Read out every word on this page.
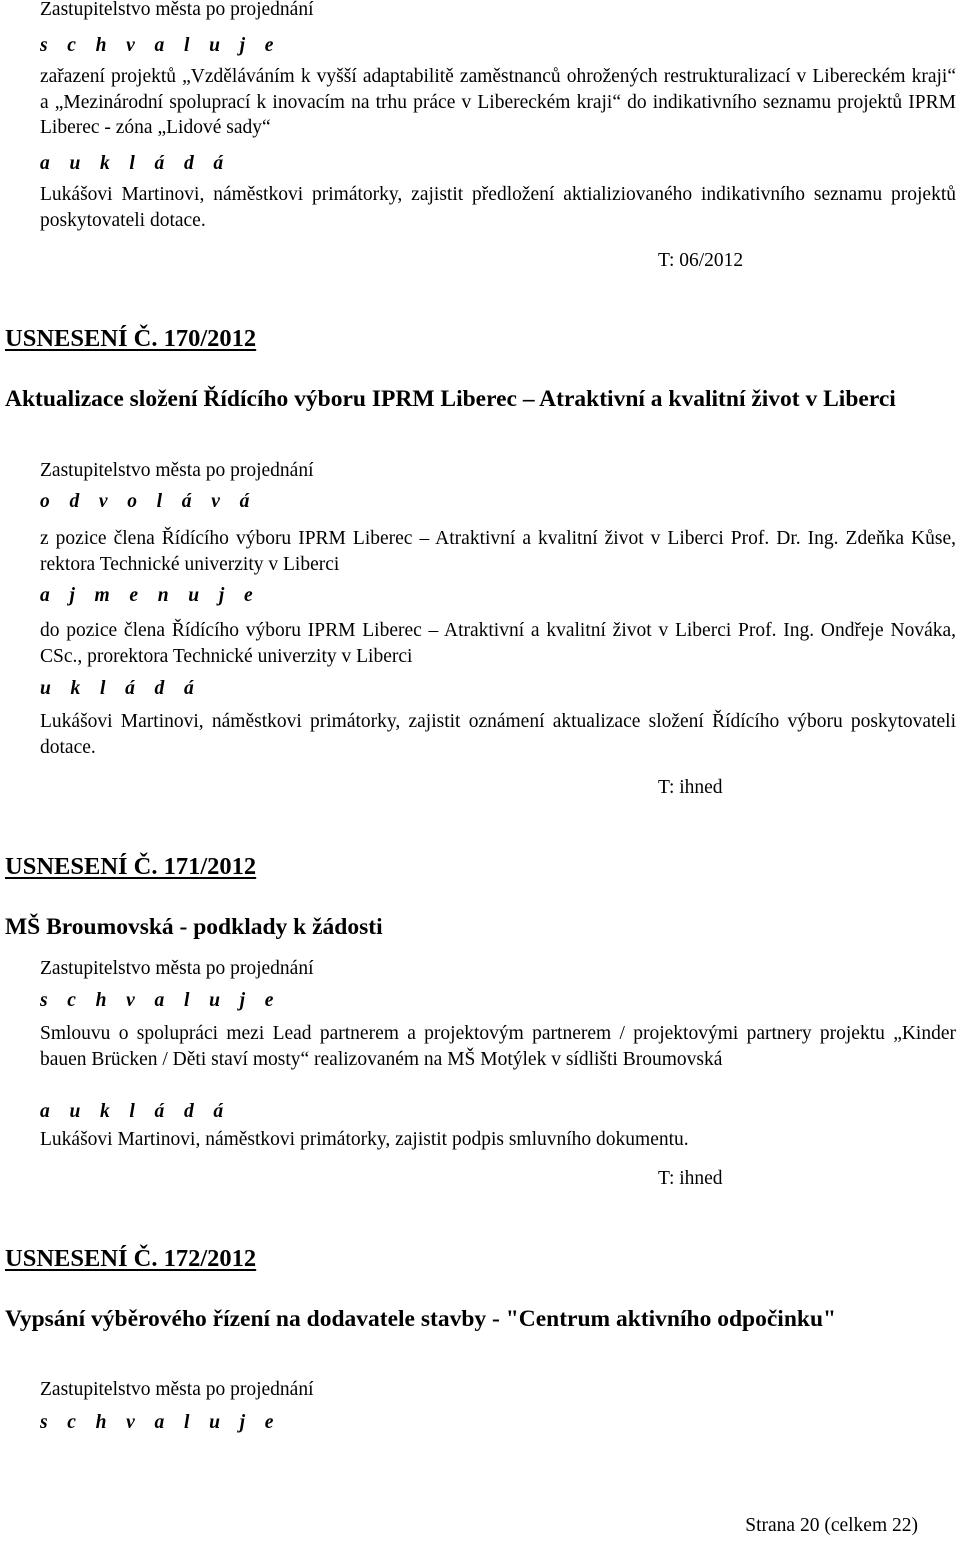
Zastupitelstvo města po projednání
s c h v a l u j e
zařazení projektů „Vzděláváním k vyšší adaptabilitě zaměstnanců ohrožených restrukturalizací v Libereckém kraji“ a „Mezinárodní spoluprací k inovacím na trhu práce v Libereckém kraji“ do indikativního seznamu projektů IPRM Liberec - zóna „Lidové sady“
a u k l á d á
Lukášovi Martinovi, náměstkovi primátorky, zajistit předložení aktializiovaného indikativního seznamu projektů poskytovateli dotace.
T: 06/2012
USNESENÍ Č. 170/2012
Aktualizace složení Řídícího výboru IPRM Liberec – Atraktivní a kvalitní život v Liberci
Zastupitelstvo města po projednání
o d v o l á v á
z pozice člena Řídícího výboru IPRM Liberec – Atraktivní a kvalitní život v Liberci Prof. Dr. Ing. Zdeňka Kůse, rektora Technické univerzity v Liberci
a j m e n u j e
do pozice člena Řídícího výboru IPRM Liberec – Atraktivní a kvalitní život v Liberci Prof. Ing. Ondřeje Nováka, CSc., prorektora Technické univerzity v Liberci
u k l á d á
Lukášovi Martinovi, náměstkovi primátorky, zajistit oznámení aktualizace složení Řídícího výboru poskytovateli dotace.
T: ihned
USNESENÍ Č. 171/2012
MŠ Broumovská - podklady k žádosti
Zastupitelstvo města po projednání
s c h v a l u j e
Smlouvu o spolupráci mezi Lead partnerem a projektovým partnerem / projektovými partnery projektu „Kinder bauen Brücken / Děti staví mosty“ realizovaném na MŠ Motýlek v sídlišti Broumovská
a u k l á d á
Lukášovi Martinovi, náměstkovi primátorky, zajistit podpis smluvního dokumentu.
T: ihned
USNESENÍ Č. 172/2012
Vypsání výběrového řízení na dodavatele stavby - "Centrum aktivního odpočinku"
Zastupitelstvo města po projednání
s c h v a l u j e
Strana 20 (celkem 22)
